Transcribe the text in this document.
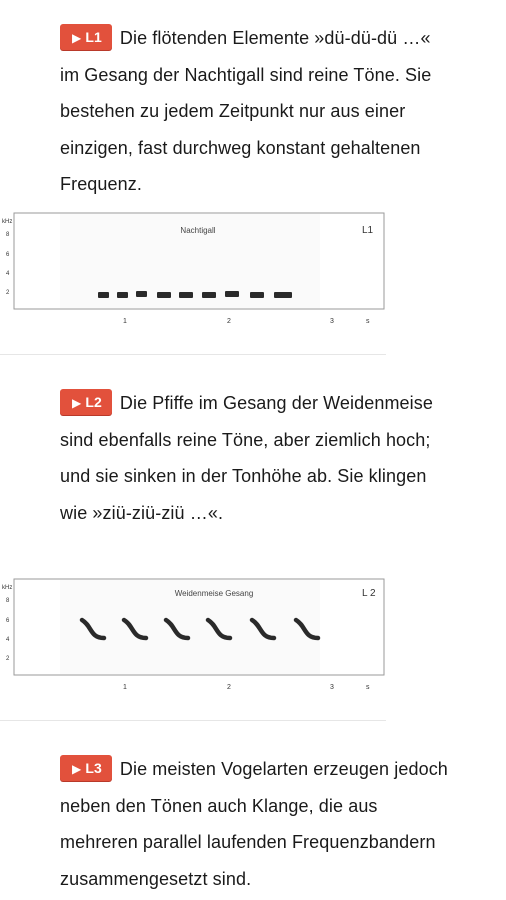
▶ L1 Die flötenden Elemente »dü-dü-dü …« im Gesang der Nachtigall sind reine Töne. Sie bestehen zu jedem Zeitpunkt nur aus einer einzigen, fast durchweg konstant gehaltenen Frequenz.

kHz
8
6
4
2
Nachtigall	L1
1	2	3	s

▶ L2 Die Pfiffe im Gesang der Weidenmeise sind ebenfalls reine Töne, aber ziemlich hoch; und sie sinken in der Tonhöhe ab. Sie klingen wie »ziü-ziü-ziü …«.

kHz
8
6
4
2
Weidenmeise Gesang	L 2
1	2	3	s

▶ L3 Die meisten Vogelarten erzeugen jedoch neben den Tönen auch Klange, die aus mehreren parallel laufenden Frequenzbandern zusammengesetzt sind.
